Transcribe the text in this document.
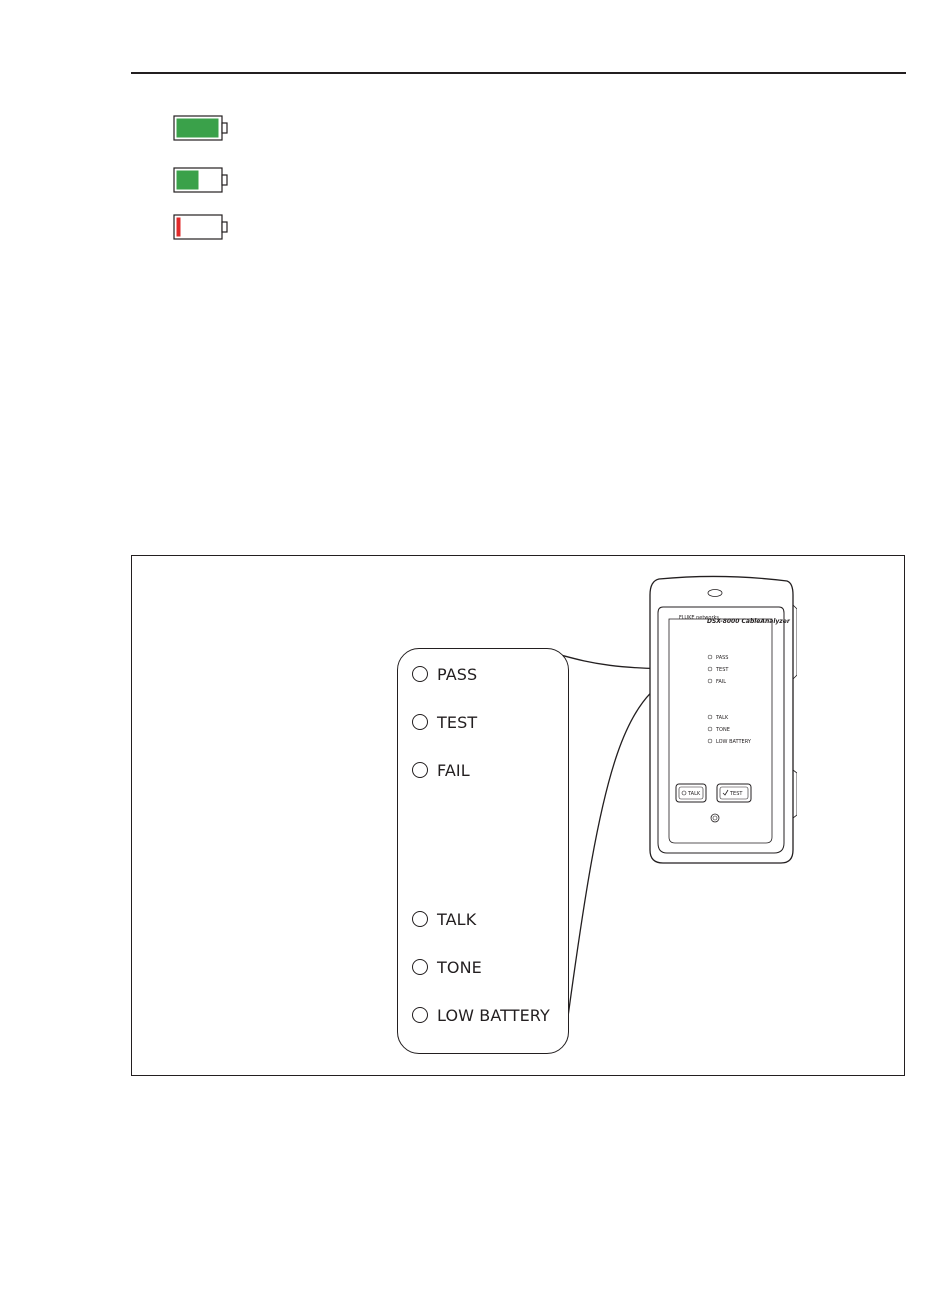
PASS
TEST
FAIL
TALK
TONE
LOW BATTERY
FLUKE networks
DSX-8000 CableAnalyzer
PASS
TEST
FAIL
TALK
TONE
LOW BATTERY
TALK	TEST
